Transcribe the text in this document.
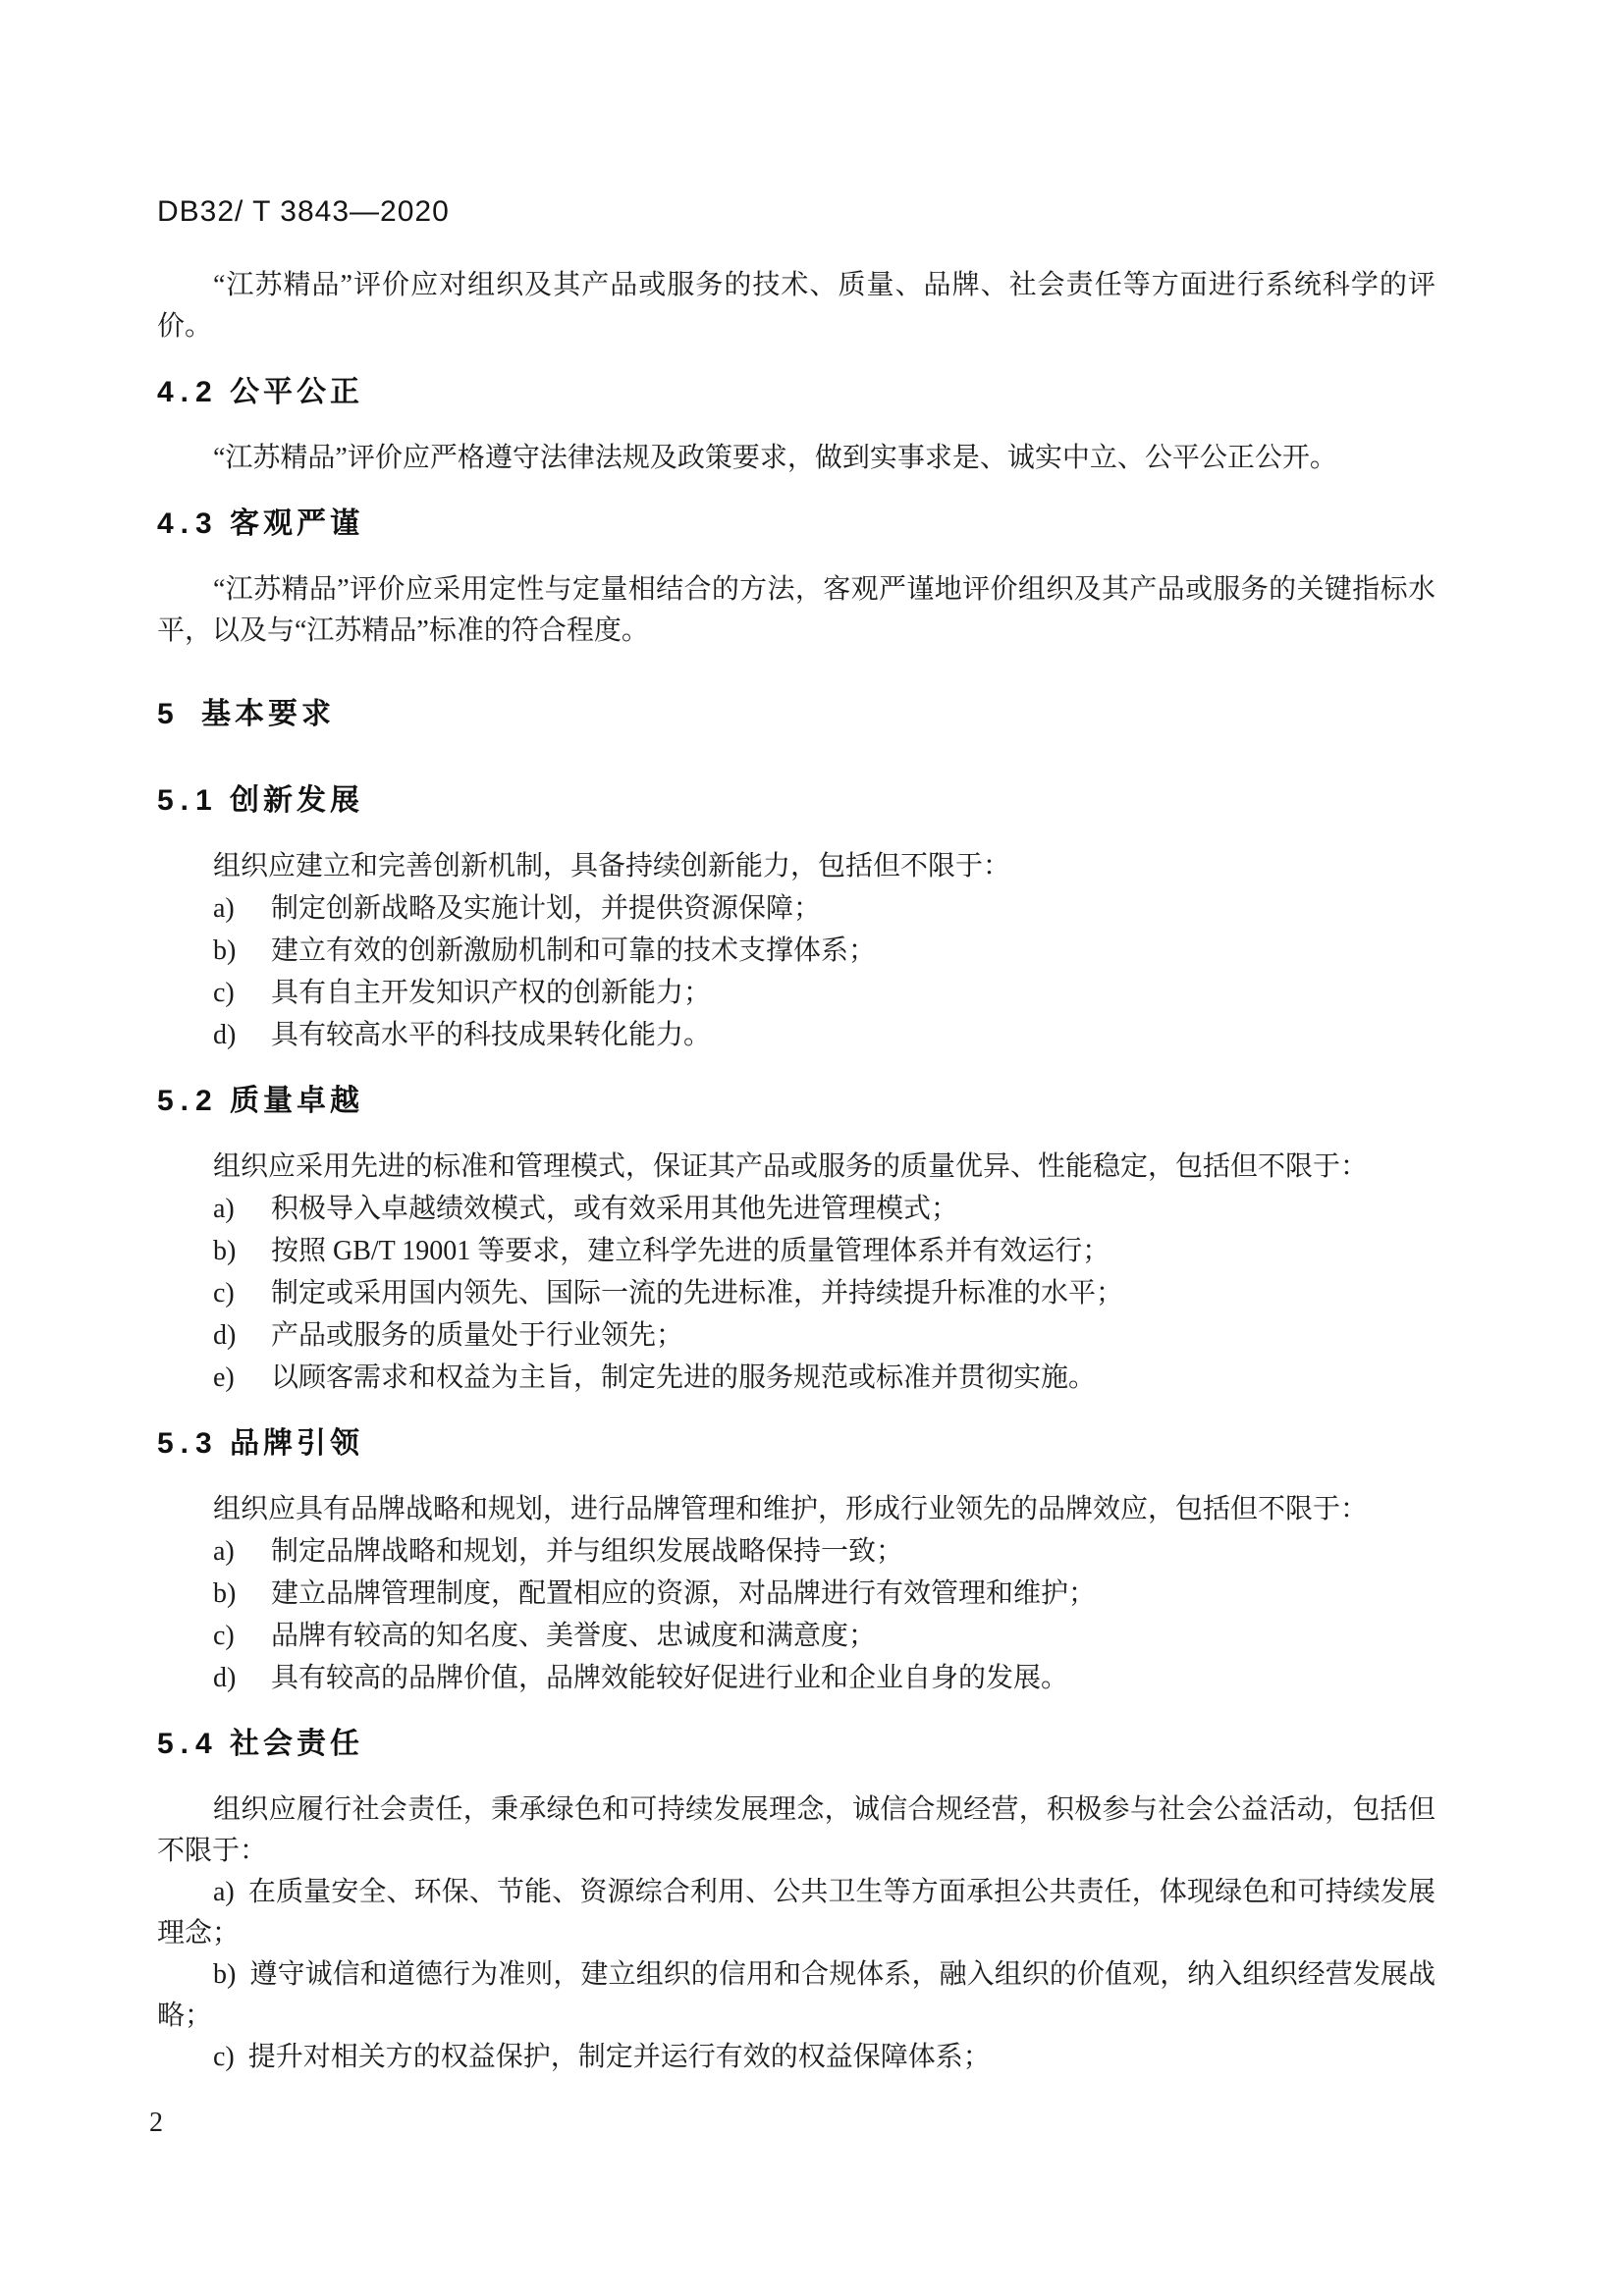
DB32/ T 3843—2020

“江苏精品”评价应对组织及其产品或服务的技术、质量、品牌、社会责任等方面进行系统科学的评价。

4.2 公平公正

“江苏精品”评价应严格遵守法律法规及政策要求，做到实事求是、诚实中立、公平公正公开。

4.3 客观严谨

“江苏精品”评价应采用定性与定量相结合的方法，客观严谨地评价组织及其产品或服务的关键指标水平，以及与“江苏精品”标准的符合程度。

5 基本要求
5.1 创新发展

组织应建立和完善创新机制，具备持续创新能力，包括但不限于：

a) 制定创新战略及实施计划，并提供资源保障；
b) 建立有效的创新激励机制和可靠的技术支撑体系；
c) 具有自主开发知识产权的创新能力；
d) 具有较高水平的科技成果转化能力。
5.2 质量卓越

组织应采用先进的标准和管理模式，保证其产品或服务的质量优异、性能稳定，包括但不限于：

a) 积极导入卓越绩效模式，或有效采用其他先进管理模式；
b) 按照 GB/T 19001 等要求，建立科学先进的质量管理体系并有效运行；
c) 制定或采用国内领先、国际一流的先进标准，并持续提升标准的水平；
d) 产品或服务的质量处于行业领先；
e) 以顾客需求和权益为主旨，制定先进的服务规范或标准并贯彻实施。
5.3 品牌引领

组织应具有品牌战略和规划，进行品牌管理和维护，形成行业领先的品牌效应，包括但不限于：

a) 制定品牌战略和规划，并与组织发展战略保持一致；
b) 建立品牌管理制度，配置相应的资源，对品牌进行有效管理和维护；
c) 品牌有较高的知名度、美誉度、忠诚度和满意度；
d) 具有较高的品牌价值，品牌效能较好促进行业和企业自身的发展。
5.4 社会责任

组织应履行社会责任，秉承绿色和可持续发展理念，诚信合规经营，积极参与社会公益活动，包括但不限于：

a) 在质量安全、环保、节能、资源综合利用、公共卫生等方面承担公共责任，体现绿色和可持续发展理念；

b) 遵守诚信和道德行为准则，建立组织的信用和合规体系，融入组织的价值观，纳入组织经营发展战略；

c) 提升对相关方的权益保护，制定并运行有效的权益保障体系；

2
